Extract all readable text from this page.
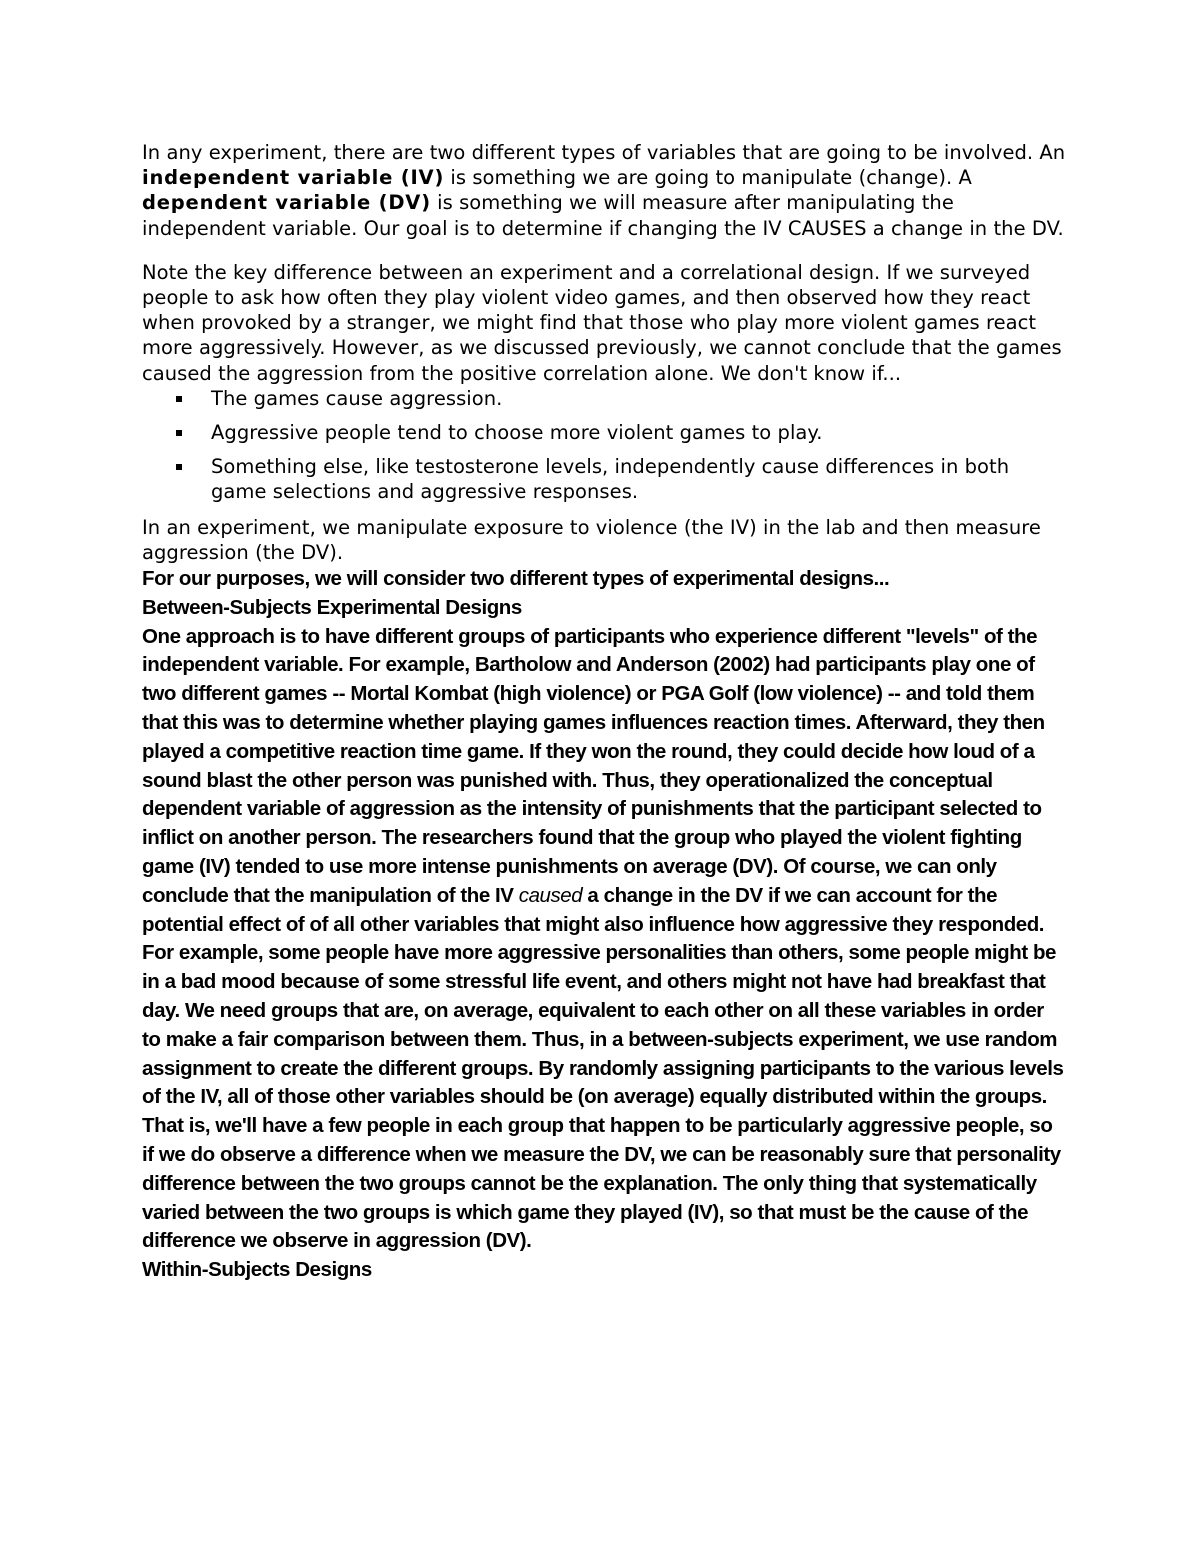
In any experiment, there are two different types of variables that are going to be involved. An independent variable (IV) is something we are going to manipulate (change). A dependent variable (DV) is something we will measure after manipulating the independent variable. Our goal is to determine if changing the IV CAUSES a change in the DV.

Note the key difference between an experiment and a correlational design. If we surveyed people to ask how often they play violent video games, and then observed how they react when provoked by a stranger, we might find that those who play more violent games react more aggressively. However, as we discussed previously, we cannot conclude that the games caused the aggression from the positive correlation alone. We don't know if...

The games cause aggression.
Aggressive people tend to choose more violent games to play.
Something else, like testosterone levels, independently cause differences in both game selections and aggressive responses.

In an experiment, we manipulate exposure to violence (the IV) in the lab and then measure aggression (the DV).

For our purposes, we will consider two different types of experimental designs...

Between-Subjects Experimental Designs

One approach is to have different groups of participants who experience different "levels" of the independent variable. For example, Bartholow and Anderson (2002) had participants play one of two different games -- Mortal Kombat (high violence) or PGA Golf (low violence) -- and told them that this was to determine whether playing games influences reaction times. Afterward, they then played a competitive reaction time game. If they won the round, they could decide how loud of a sound blast the other person was punished with. Thus, they operationalized the conceptual dependent variable of aggression as the intensity of punishments that the participant selected to inflict on another person. The researchers found that the group who played the violent fighting game (IV) tended to use more intense punishments on average (DV). Of course, we can only conclude that the manipulation of the IV caused a change in the DV if we can account for the potential effect of of all other variables that might also influence how aggressive they responded. For example, some people have more aggressive personalities than others, some people might be in a bad mood because of some stressful life event, and others might not have had breakfast that day. We need groups that are, on average, equivalent to each other on all these variables in order to make a fair comparison between them. Thus, in a between-subjects experiment, we use random assignment to create the different groups. By randomly assigning participants to the various levels of the IV, all of those other variables should be (on average) equally distributed within the groups. That is, we'll have a few people in each group that happen to be particularly aggressive people, so if we do observe a difference when we measure the DV, we can be reasonably sure that personality difference between the two groups cannot be the explanation. The only thing that systematically varied between the two groups is which game they played (IV), so that must be the cause of the difference we observe in aggression (DV).

Within-Subjects Designs
